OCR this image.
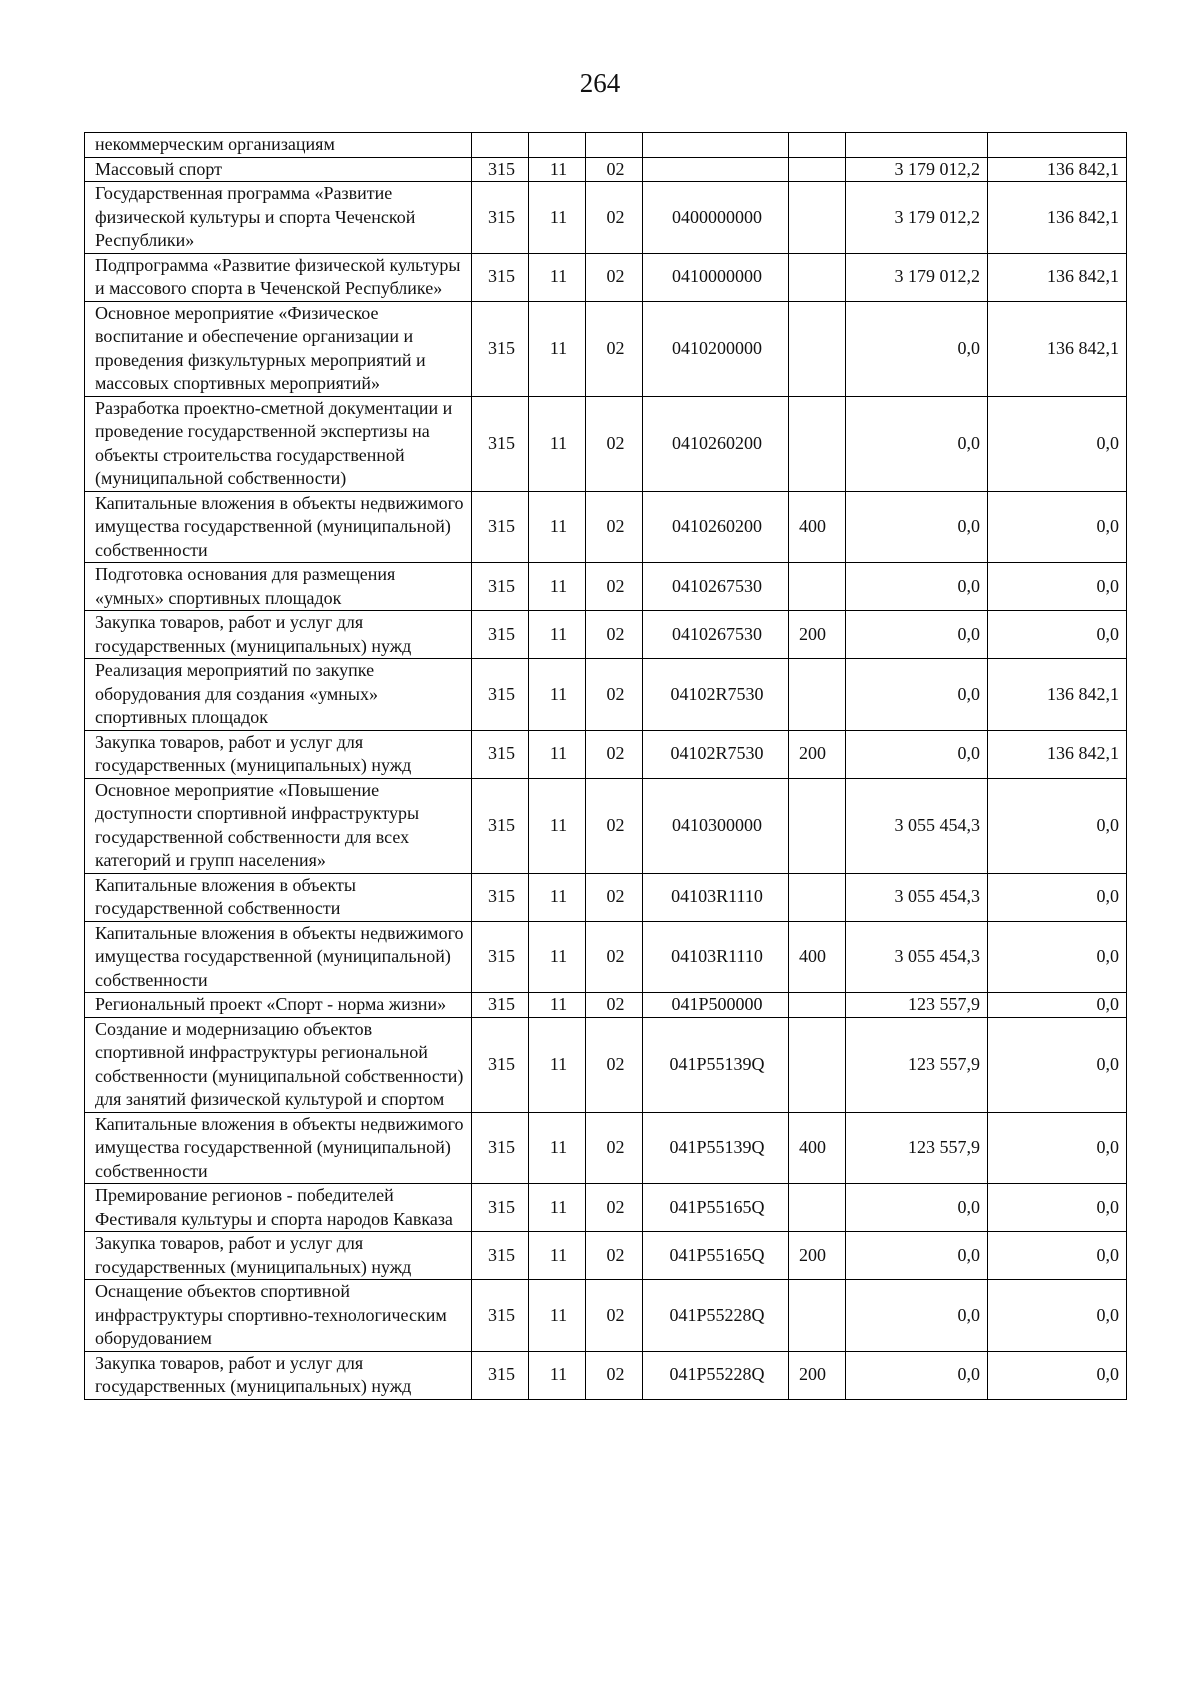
264
некоммерческим организациям							
Массовый спорт	315	11	02			3 179 012,2	136 842,1
Государственная программа «Развитие физической культуры и спорта Чеченской Республики»	315	11	02	0400000000		3 179 012,2	136 842,1
Подпрограмма «Развитие физической культуры и массового спорта в Чеченской Республике»	315	11	02	0410000000		3 179 012,2	136 842,1
Основное мероприятие «Физическое воспитание и обеспечение организации и проведения физкультурных мероприятий и массовых спортивных мероприятий»	315	11	02	0410200000		0,0	136 842,1
Разработка проектно-сметной документации и проведение государственной экспертизы на объекты строительства государственной (муниципальной собственности)	315	11	02	0410260200		0,0	0,0
Капитальные вложения в объекты недвижимого имущества государственной (муниципальной) собственности	315	11	02	0410260200	400	0,0	0,0
Подготовка основания для размещения «умных» спортивных площадок	315	11	02	0410267530		0,0	0,0
Закупка товаров, работ и услуг для государственных (муниципальных) нужд	315	11	02	0410267530	200	0,0	0,0
Реализация мероприятий по закупке оборудования для создания «умных» спортивных площадок	315	11	02	04102R7530		0,0	136 842,1
Закупка товаров, работ и услуг для государственных (муниципальных) нужд	315	11	02	04102R7530	200	0,0	136 842,1
Основное мероприятие «Повышение доступности спортивной инфраструктуры государственной собственности для всех категорий и групп населения»	315	11	02	0410300000		3 055 454,3	0,0
Капитальные вложения в объекты государственной собственности	315	11	02	04103R1110		3 055 454,3	0,0
Капитальные вложения в объекты недвижимого имущества государственной (муниципальной) собственности	315	11	02	04103R1110	400	3 055 454,3	0,0
Региональный проект «Спорт - норма жизни»	315	11	02	041P500000		123 557,9	0,0
Создание и модернизацию объектов спортивной инфраструктуры региональной собственности (муниципальной собственности) для занятий физической культурой и спортом	315	11	02	041P55139Q		123 557,9	0,0
Капитальные вложения в объекты недвижимого имущества государственной (муниципальной) собственности	315	11	02	041P55139Q	400	123 557,9	0,0
Премирование регионов - победителей Фестиваля культуры и спорта народов Кавказа	315	11	02	041P55165Q		0,0	0,0
Закупка товаров, работ и услуг для государственных (муниципальных) нужд	315	11	02	041P55165Q	200	0,0	0,0
Оснащение объектов спортивной инфраструктуры спортивно-технологическим оборудованием	315	11	02	041P55228Q		0,0	0,0
Закупка товаров, работ и услуг для государственных (муниципальных) нужд	315	11	02	041P55228Q	200	0,0	0,0
